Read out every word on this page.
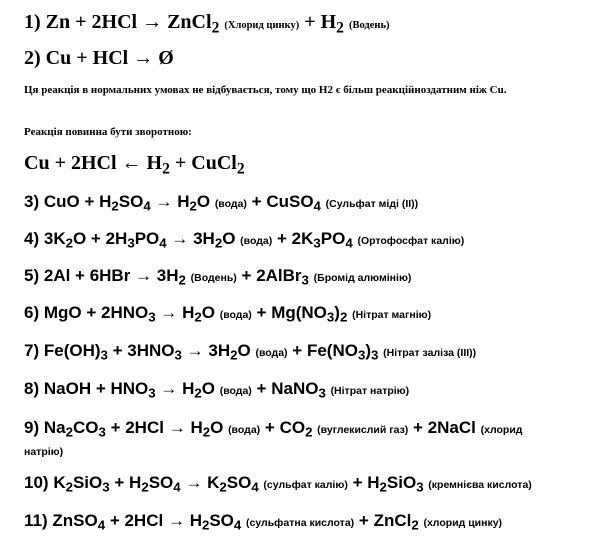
1) Zn + 2HCl → ZnCl$_2$ (Хлорид цинку) + $H_2$ (Водень)
2) Cu + HCl → Ø
Ця реакція в нормальних умовах не відбувається, тому що H2 є більш реакційноздатним ніж Cu.
Реакція повинна бути зворотною:
Cu + 2HCl ← $H_2$ + CuCl$_2$
3) CuO + $H_2SO_4 \to H_2O$ (вода) + CuSO$_4$ (Сульфат міді (II))
4) $3K_2O + 2H_3PO_4 \to 3H_2O$ (вода) + $2K_3PO_4$ (Ортофосфат калію)
5) $2Al + 6HBr \to 3H_2$ (Водень) + 2AlBr$_3$ (Бромід алюмінію)
6) MgO + $2HNO_3 \to H_2O$ (вода) + $Mg(NO_3)_2$ (Нітрат магнію)
7) $Fe(OH)_3 + 3HNO_3 \to 3H_2O$ (вода) + $Fe(NO_3)_3$ (Нітрат заліза (III))
8) NaOH + $HNO_3 \to H_2O$ (вода) + NaNO$_3$ (Нітрат натрію)
9) $Na_2CO_3 + 2HCl \to H_2O$ (вода) + $CO_2$ (вуглекислий газ) + 2NaCl (хлорид
натрію)
10) $K_2SiO_3 + H_2SO_4 \to K_2SO_4$ (сульфат калію) + $H_2SiO_3$ (кремнієва кислота)
11) ZnSO$_4$ + $2HCl \to H_2SO_4$ (сульфатна кислота) + ZnCl$_2$ (хлорид цинку)
